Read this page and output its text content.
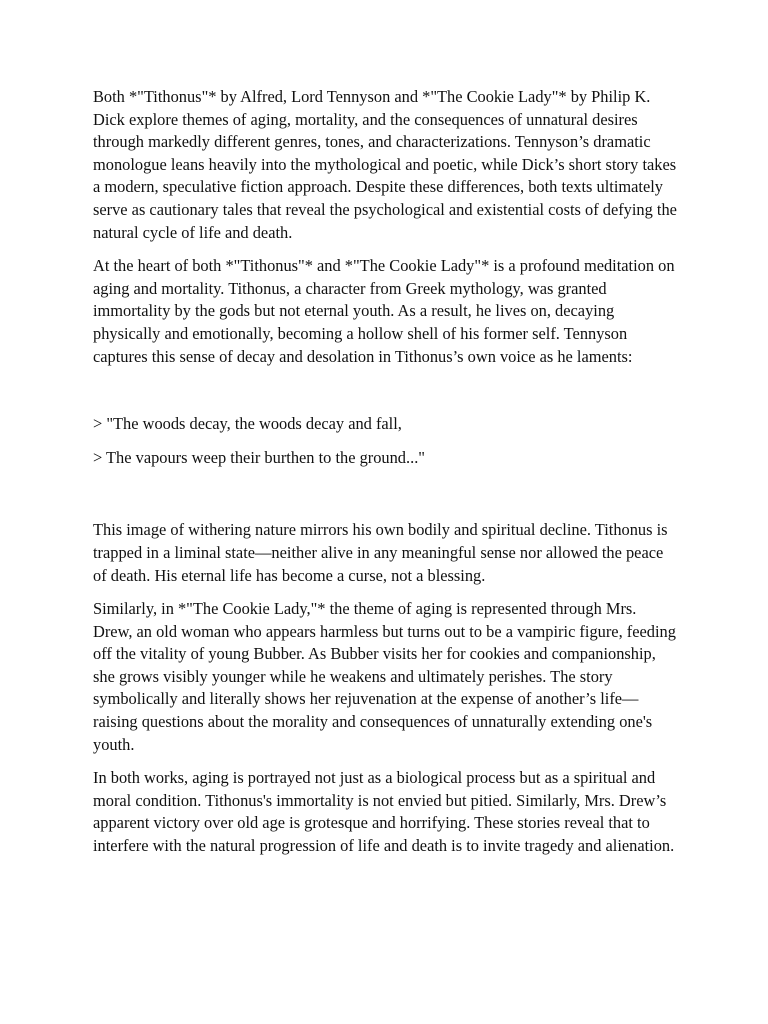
Both *"Tithonus"* by Alfred, Lord Tennyson and *"The Cookie Lady"* by Philip K. Dick explore themes of aging, mortality, and the consequences of unnatural desires through markedly different genres, tones, and characterizations. Tennyson’s dramatic monologue leans heavily into the mythological and poetic, while Dick’s short story takes a modern, speculative fiction approach. Despite these differences, both texts ultimately serve as cautionary tales that reveal the psychological and existential costs of defying the natural cycle of life and death.

At the heart of both *"Tithonus"* and *"The Cookie Lady"* is a profound meditation on aging and mortality. Tithonus, a character from Greek mythology, was granted immortality by the gods but not eternal youth. As a result, he lives on, decaying physically and emotionally, becoming a hollow shell of his former self. Tennyson captures this sense of decay and desolation in Tithonus’s own voice as he laments:

> "The woods decay, the woods decay and fall,

> The vapours weep their burthen to the ground..."

This image of withering nature mirrors his own bodily and spiritual decline. Tithonus is trapped in a liminal state—neither alive in any meaningful sense nor allowed the peace of death. His eternal life has become a curse, not a blessing.

Similarly, in *"The Cookie Lady,"* the theme of aging is represented through Mrs. Drew, an old woman who appears harmless but turns out to be a vampiric figure, feeding off the vitality of young Bubber. As Bubber visits her for cookies and companionship, she grows visibly younger while he weakens and ultimately perishes. The story symbolically and literally shows her rejuvenation at the expense of another’s life—raising questions about the morality and consequences of unnaturally extending one's youth.

In both works, aging is portrayed not just as a biological process but as a spiritual and moral condition. Tithonus's immortality is not envied but pitied. Similarly, Mrs. Drew’s apparent victory over old age is grotesque and horrifying. These stories reveal that to interfere with the natural progression of life and death is to invite tragedy and alienation.
